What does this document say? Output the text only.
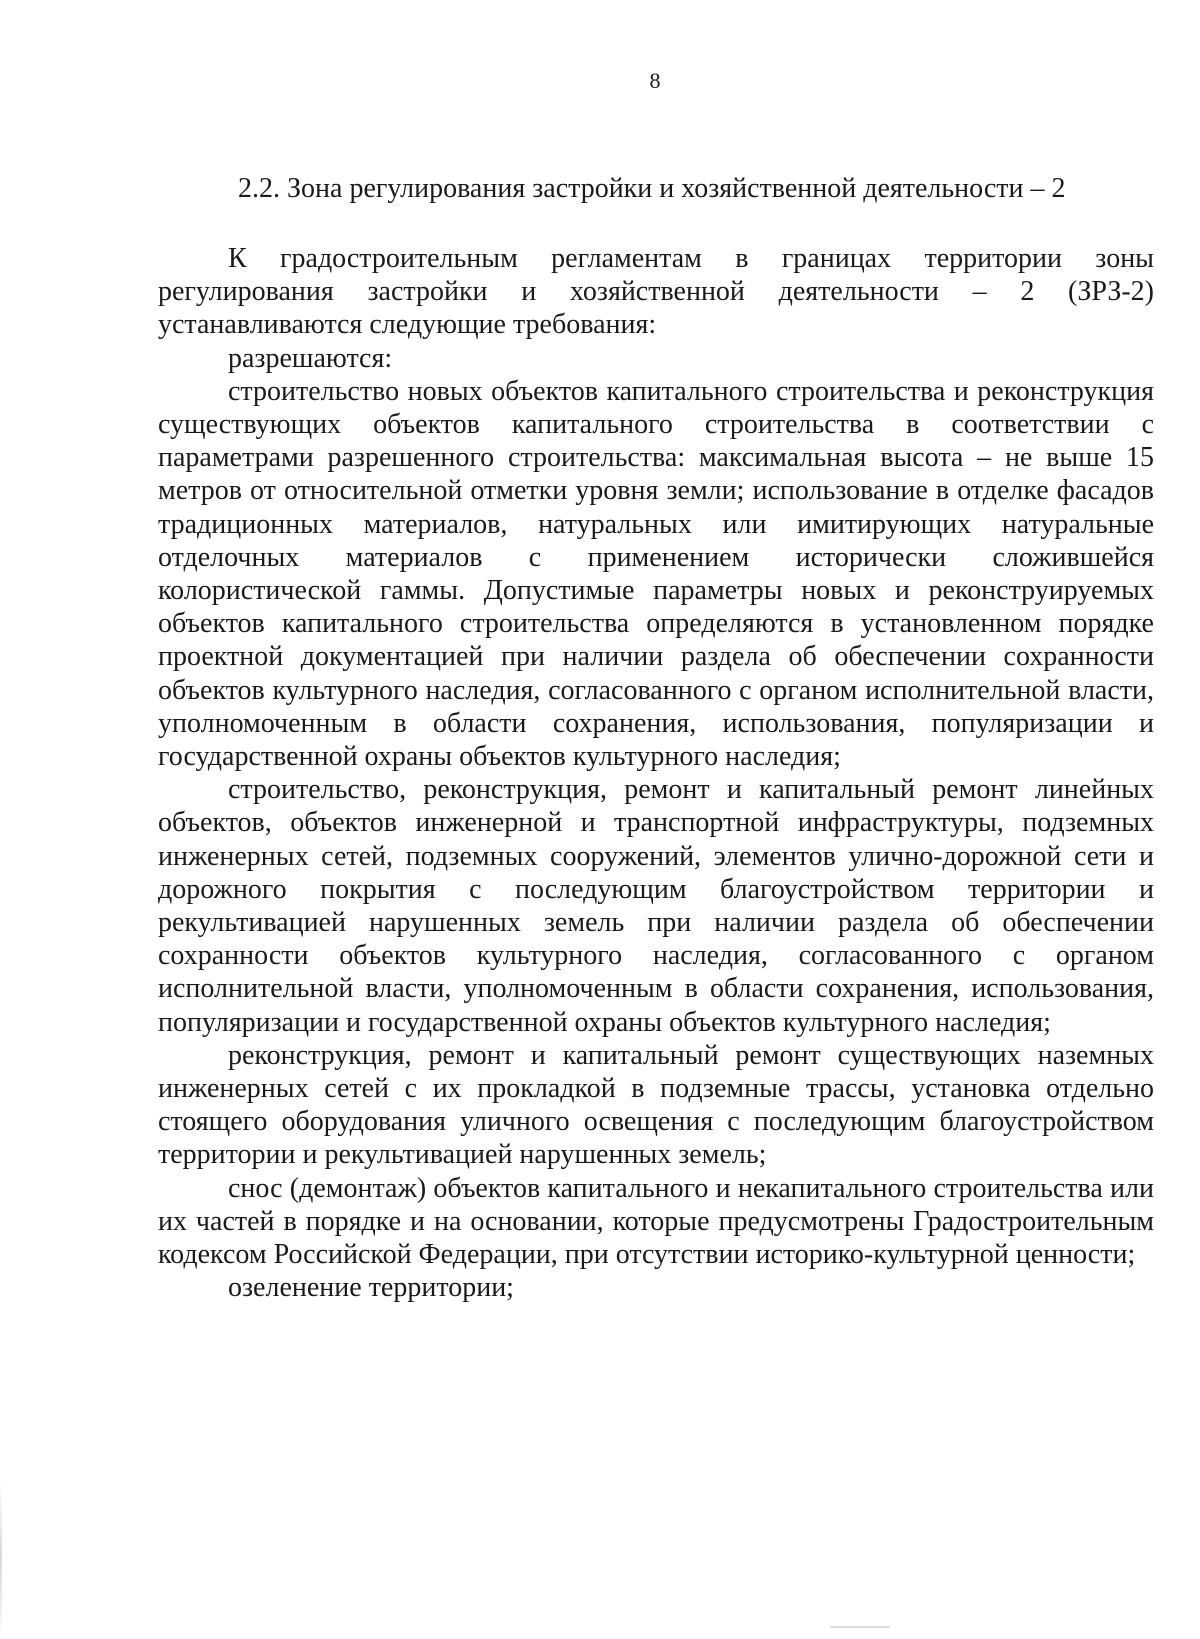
8
2.2. Зона регулирования застройки и хозяйственной деятельности – 2

К градостроительным регламентам в границах территории зоны регулирования застройки и хозяйственной деятельности – 2 (ЗРЗ-2) устанавливаются следующие требования:

разрешаются:

строительство новых объектов капитального строительства и реконструкция существующих объектов капитального строительства в соответствии с параметрами разрешенного строительства: максимальная высота – не выше 15 метров от относительной отметки уровня земли; использование в отделке фасадов традиционных материалов, натуральных или имитирующих натуральные отделочных материалов с применением исторически сложившейся колористической гаммы. Допустимые параметры новых и реконструируемых объектов капитального строительства определяются в установленном порядке проектной документацией при наличии раздела об обеспечении сохранности объектов культурного наследия, согласованного с органом исполнительной власти, уполномоченным в области сохранения, использования, популяризации и государственной охраны объектов культурного наследия;

строительство, реконструкция, ремонт и капитальный ремонт линейных объектов, объектов инженерной и транспортной инфраструктуры, подземных инженерных сетей, подземных сооружений, элементов улично-дорожной сети и дорожного покрытия с последующим благоустройством территории и рекультивацией нарушенных земель при наличии раздела об обеспечении сохранности объектов культурного наследия, согласованного с органом исполнительной власти, уполномоченным в области сохранения, использования, популяризации и государственной охраны объектов культурного наследия;

реконструкция, ремонт и капитальный ремонт существующих наземных инженерных сетей с их прокладкой в подземные трассы, установка отдельно стоящего оборудования уличного освещения с последующим благоустройством территории и рекультивацией нарушенных земель;

снос (демонтаж) объектов капитального и некапитального строительства или их частей в порядке и на основании, которые предусмотрены Градостроительным кодексом Российской Федерации, при отсутствии историко-культурной ценности;

озеленение территории;
